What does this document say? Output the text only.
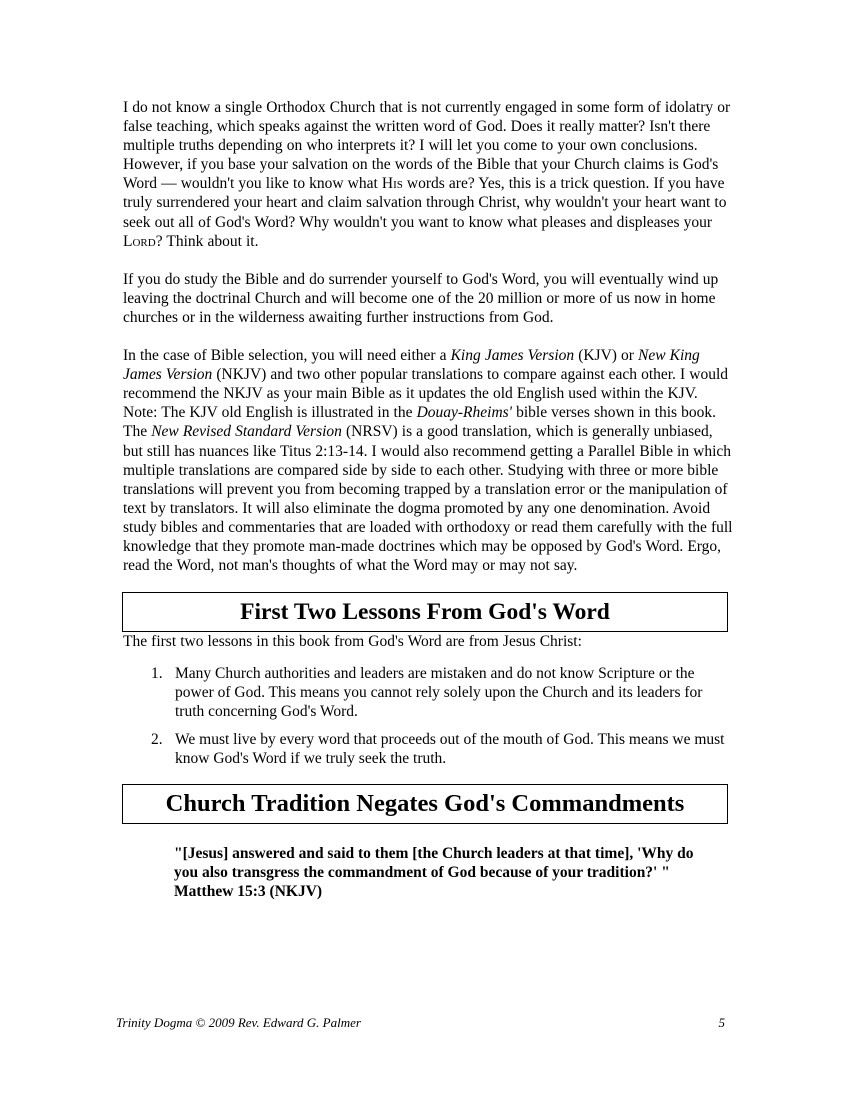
I do not know a single Orthodox Church that is not currently engaged in some form of idolatry or false teaching, which speaks against the written word of God. Does it really matter? Isn't there multiple truths depending on who interprets it? I will let you come to your own conclusions. However, if you base your salvation on the words of the Bible that your Church claims is God's Word — wouldn't you like to know what His words are? Yes, this is a trick question. If you have truly surrendered your heart and claim salvation through Christ, why wouldn't your heart want to seek out all of God's Word? Why wouldn't you want to know what pleases and displeases your Lord? Think about it.

If you do study the Bible and do surrender yourself to God's Word, you will eventually wind up leaving the doctrinal Church and will become one of the 20 million or more of us now in home churches or in the wilderness awaiting further instructions from God.

In the case of Bible selection, you will need either a King James Version (KJV) or New King James Version (NKJV) and two other popular translations to compare against each other. I would recommend the NKJV as your main Bible as it updates the old English used within the KJV. Note: The KJV old English is illustrated in the Douay-Rheims' bible verses shown in this book. The New Revised Standard Version (NRSV) is a good translation, which is generally unbiased, but still has nuances like Titus 2:13-14. I would also recommend getting a Parallel Bible in which multiple translations are compared side by side to each other. Studying with three or more bible translations will prevent you from becoming trapped by a translation error or the manipulation of text by translators. It will also eliminate the dogma promoted by any one denomination. Avoid study bibles and commentaries that are loaded with orthodoxy or read them carefully with the full knowledge that they promote man-made doctrines which may be opposed by God's Word. Ergo, read the Word, not man's thoughts of what the Word may or may not say.

First Two Lessons From God's Word

The first two lessons in this book from God's Word are from Jesus Christ:

1. Many Church authorities and leaders are mistaken and do not know Scripture or the power of God. This means you cannot rely solely upon the Church and its leaders for truth concerning God's Word.
2. We must live by every word that proceeds out of the mouth of God. This means we must know God's Word if we truly seek the truth.
Church Tradition Negates God's Commandments
"[Jesus] answered and said to them [the Church leaders at that time], 'Why do you also transgress the commandment of God because of your tradition?' " Matthew 15:3 (NKJV)
Trinity Dogma © 2009 Rev. Edward G. Palmer	5
